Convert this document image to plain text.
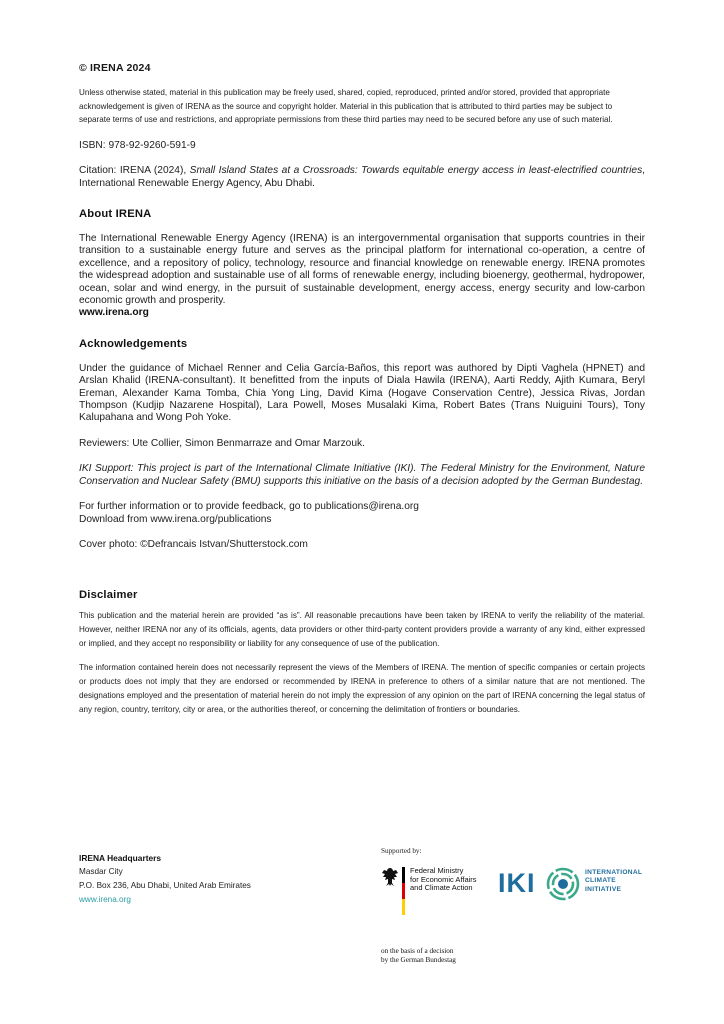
© IRENA 2024

Unless otherwise stated, material in this publication may be freely used, shared, copied, reproduced, printed and/or stored, provided that appropriate acknowledgement is given of IRENA as the source and copyright holder. Material in this publication that is attributed to third parties may be subject to separate terms of use and restrictions, and appropriate permissions from these third parties may need to be secured before any use of such material.

ISBN: 978-92-9260-591-9

Citation: IRENA (2024), Small Island States at a Crossroads: Towards equitable energy access in least-electrified countries, International Renewable Energy Agency, Abu Dhabi.

About IRENA

The International Renewable Energy Agency (IRENA) is an intergovernmental organisation that supports countries in their transition to a sustainable energy future and serves as the principal platform for international co-operation, a centre of excellence, and a repository of policy, technology, resource and financial knowledge on renewable energy. IRENA promotes the widespread adoption and sustainable use of all forms of renewable energy, including bioenergy, geothermal, hydropower, ocean, solar and wind energy, in the pursuit of sustainable development, energy access, energy security and low-carbon economic growth and prosperity.

www.irena.org

Acknowledgements

Under the guidance of Michael Renner and Celia García-Baños, this report was authored by Dipti Vaghela (HPNET) and Arslan Khalid (IRENA-consultant). It benefitted from the inputs of Diala Hawila (IRENA), Aarti Reddy, Ajith Kumara, Beryl Ereman, Alexander Kama Tomba, Chia Yong Ling, David Kima (Hogave Conservation Centre), Jessica Rivas, Jordan Thompson (Kudjip Nazarene Hospital), Lara Powell, Moses Musalaki Kima, Robert Bates (Trans Nuiguini Tours), Tony Kalupahana and Wong Poh Yoke.

Reviewers: Ute Collier, Simon Benmarraze and Omar Marzouk.

IKI Support: This project is part of the International Climate Initiative (IKI). The Federal Ministry for the Environment, Nature Conservation and Nuclear Safety (BMU) supports this initiative on the basis of a decision adopted by the German Bundestag.

For further information or to provide feedback, go to publications@irena.org

Download from www.irena.org/publications

Cover photo: ©Defrancais Istvan/Shutterstock.com

Disclaimer

This publication and the material herein are provided “as is”. All reasonable precautions have been taken by IRENA to verify the reliability of the material. However, neither IRENA nor any of its officials, agents, data providers or other third-party content providers provide a warranty of any kind, either expressed or implied, and they accept no responsibility or liability for any consequence of use of the publication.

The information contained herein does not necessarily represent the views of the Members of IRENA. The mention of specific companies or certain projects or products does not imply that they are endorsed or recommended by IRENA in preference to others of a similar nature that are not mentioned. The designations employed and the presentation of material herein do not imply the expression of any opinion on the part of IRENA concerning the legal status of any region, country, territory, city or area, or the authorities thereof, or concerning the delimitation of frontiers or boundaries.

IRENA Headquarters

Masdar City

P.O. Box 236, Abu Dhabi, United Arab Emirates

www.irena.org

Supported by:

Federal Ministry
for Economic Affairs
and Climate Action
on the basis of a decision
by the German Bundestag
IKI	INTERNATIONAL
CLIMATE
INITIATIVE
